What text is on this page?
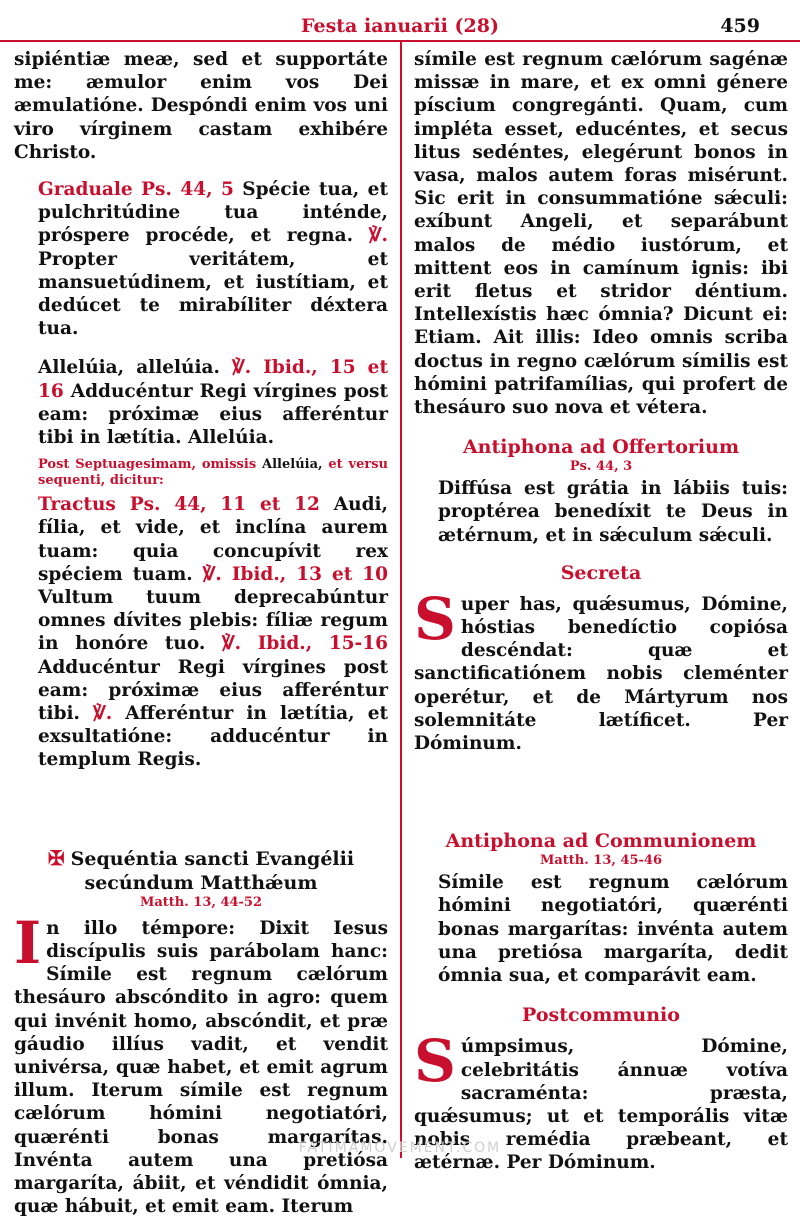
Festa ianuarii (28)	459

sipiéntiæ meæ, sed et supportáte me: æmulor enim vos Dei æmulatióne. Despóndi enim vos uni viro vírginem castam exhibére Christo.

Graduale Ps. 44, 5 Spécie tua, et pulchritúdine tua inténde, próspere procéde, et regna. ℣. Propter veritátem, et mansuetúdinem, et iustítiam, et dedúcet te mirabíliter déxtera tua.

Allelúia, allelúia. ℣. Ibid., 15 et 16 Adducéntur Regi vírgines post eam: próximæ eius afferéntur tibi in lætítia. Allelúia.

Post Septuagesimam, omissis Allelúia, et versu sequenti, dicitur:

Tractus Ps. 44, 11 et 12 Audi, fília, et vide, et inclína aurem tuam: quia concupívit rex spéciem tuam. ℣. Ibid., 13 et 10 Vultum tuum deprecabúntur omnes dívites plebis: fíliæ regum in honóre tuo. ℣. Ibid., 15-16 Adducéntur Regi vírgines post eam: próximæ eius afferéntur tibi. ℣. Afferéntur in lætítia, et exsultatióne: adducéntur in templum Regis.

✠ Sequéntia sancti Evangélii secúndum Matthǽum

Matth. 13, 44-52

In illo témpore: Dixit Iesus discípulis suis parábolam hanc: Símile est regnum cælórum thesáuro abscóndito in agro: quem qui invénit homo, abscóndit, et præ gáudio illíus vadit, et vendit univérsa, quæ habet, et emit agrum illum. Iterum símile est regnum cælórum hómini negotiatóri, quærénti bonas margarítas. Invénta autem una pretiósa margaríta, ábiit, et véndidit ómnia, quæ hábuit, et emit eam. Iterum

símile est regnum cælórum sagénæ missæ in mare, et ex omni génere píscium congregánti. Quam, cum impléta esset, educéntes, et secus litus sedéntes, elegérunt bonos in vasa, malos autem foras misérunt. Sic erit in consummatióne sǽculi: exíbunt Angeli, et separábunt malos de médio iustórum, et mittent eos in camínum ignis: ibi erit fletus et stridor déntium. Intellexístis hæc ómnia? Dicunt ei: Etiam. Ait illis: Ideo omnis scriba doctus in regno cælórum símilis est hómini patrifamílias, qui profert de thesáuro suo nova et vétera.

Antiphona ad Offertorium

Ps. 44, 3

Diffúsa est grátia in lábiis tuis: proptérea benedíxit te Deus in ætérnum, et in sǽculum sǽculi.

Secreta

Super has, quǽsumus, Dómine, hóstias benedíctio copiósa descéndat: quæ et sanctificatiónem nobis cleménter operétur, et de Mártyrum nos solemnitáte lætíficet. Per Dóminum.

Antiphona ad Communionem

Matth. 13, 45-46

Símile est regnum cælórum hómini negotiatóri, quærénti bonas margarítas: invénta autem una pretiósa margaríta, dedit ómnia sua, et comparávit eam.

Postcommunio

Súmpsimus, Dómine, celebritátis ánnuæ votíva sacraménta: præsta, quǽsumus; ut et temporális vitæ nobis remédia præbeant, et ætérnæ. Per Dóminum.

FATIMAMOVEMENT.COM
